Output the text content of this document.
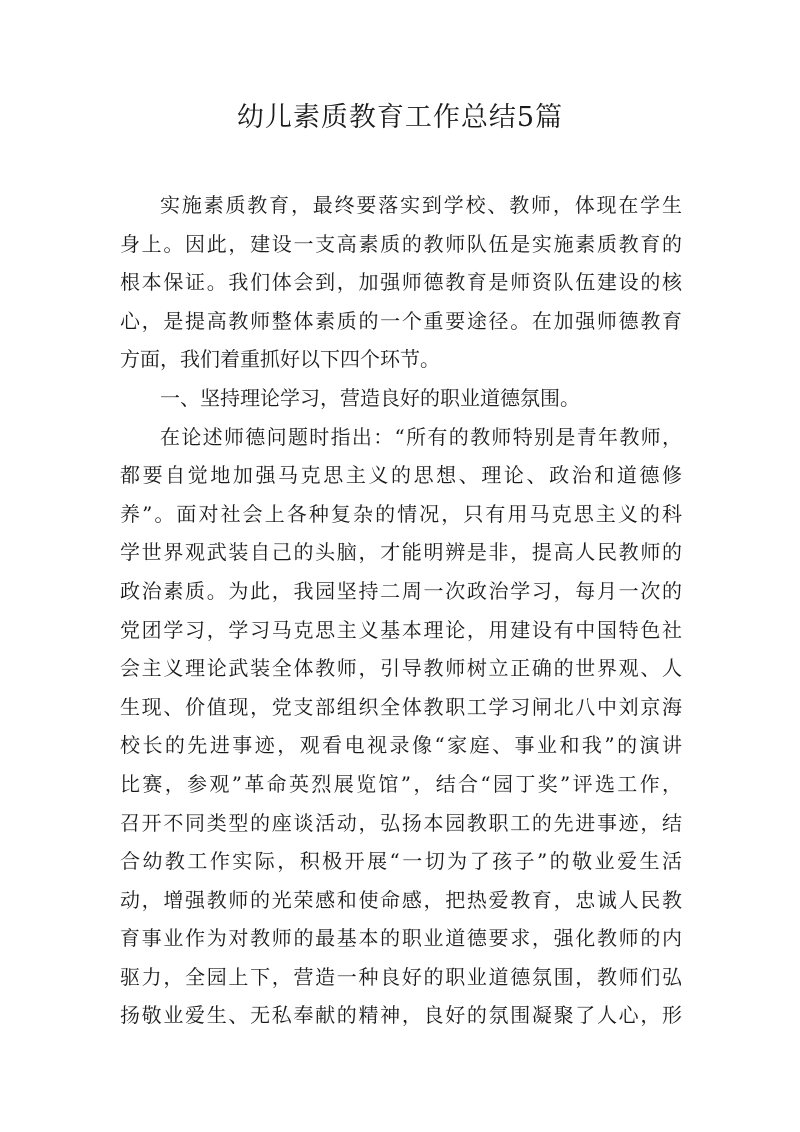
幼儿素质教育工作总结5篇
实施素质教育，最终要落实到学校、教师，体现在学生
身上。因此，建设一支高素质的教师队伍是实施素质教育的
根本保证。我们体会到，加强师德教育是师资队伍建设的核
心，是提高教师整体素质的一个重要途径。在加强师德教育
方面，我们着重抓好以下四个环节。
一、坚持理论学习，营造良好的职业道德氛围。
在论述师德问题时指出：“所有的教师特别是青年教师，
都要自觉地加强马克思主义的思想、理论、政治和道德修
养”。面对社会上各种复杂的情况，只有用马克思主义的科
学世界观武装自己的头脑，才能明辨是非，提高人民教师的
政治素质。为此，我园坚持二周一次政治学习，每月一次的
党团学习，学习马克思主义基本理论，用建设有中国特色社
会主义理论武装全体教师，引导教师树立正确的世界观、人
生现、价值现，党支部组织全体教职工学习闸北八中刘京海
校长的先进事迹，观看电视录像“家庭、事业和我”的演讲
比赛，参观”革命英烈展览馆”，结合“园丁奖”评选工作，
召开不同类型的座谈活动，弘扬本园教职工的先进事迹，结
合幼教工作实际，积极开展“一切为了孩子”的敬业爱生活
动，增强教师的光荣感和使命感，把热爱教育，忠诚人民教
育事业作为对教师的最基本的职业道德要求，强化教师的内
驱力，全园上下，营造一种良好的职业道德氛围，教师们弘
扬敬业爱生、无私奉献的精神，良好的氛围凝聚了人心，形
